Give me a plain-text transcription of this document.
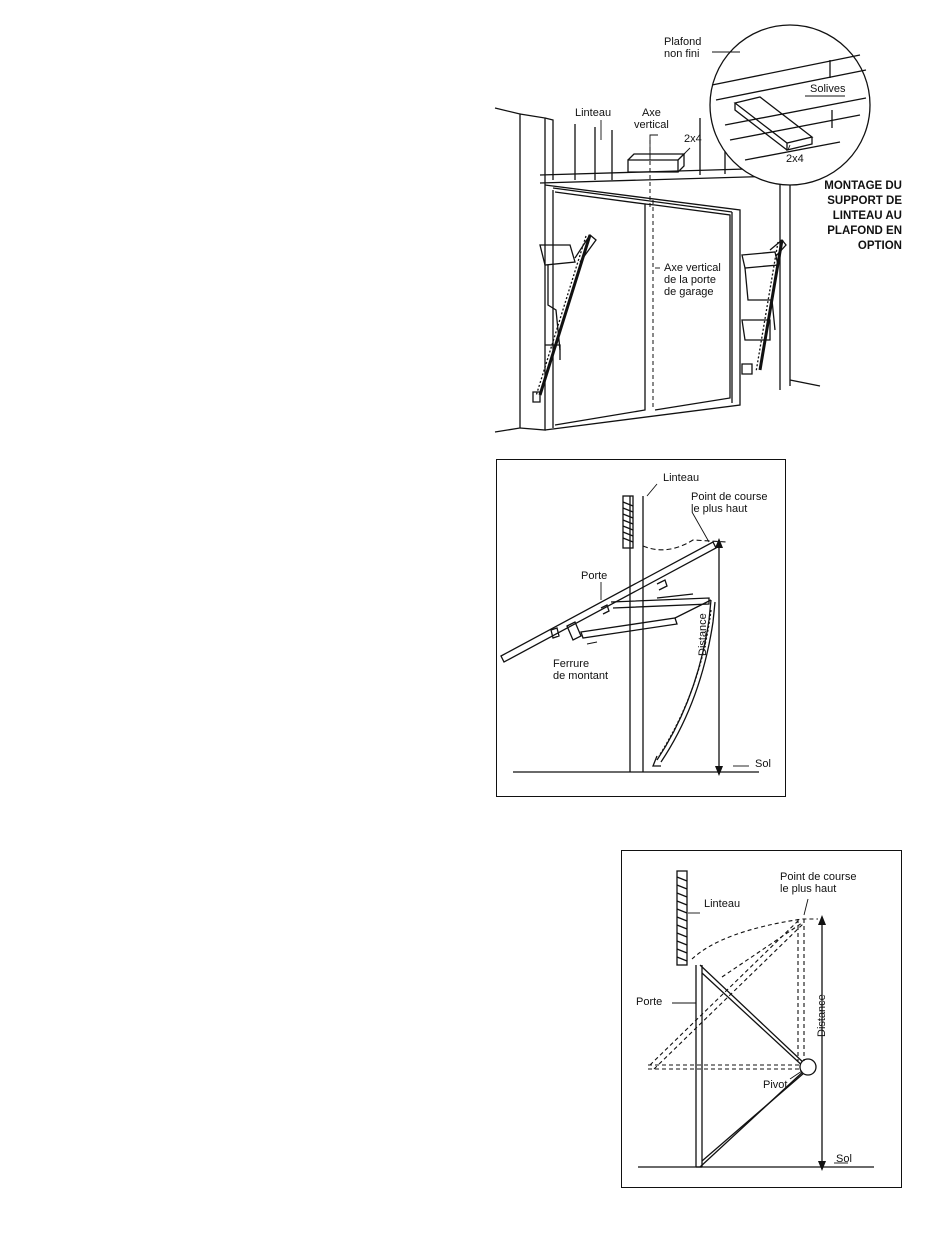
Plafond
non fini
Solives
Linteau	Axe
vertical
2x4
2x4
Axe vertical
de la porte
de garage
MONTAGE DU
SUPPORT DE
LINTEAU AU
PLAFOND EN
OPTION
Linteau
Point de course
le plus haut
Porte
Ferrure
de montant
Distance
Sol
Point de course
le plus haut
Linteau
Porte	Distance
Pivot
Sol
